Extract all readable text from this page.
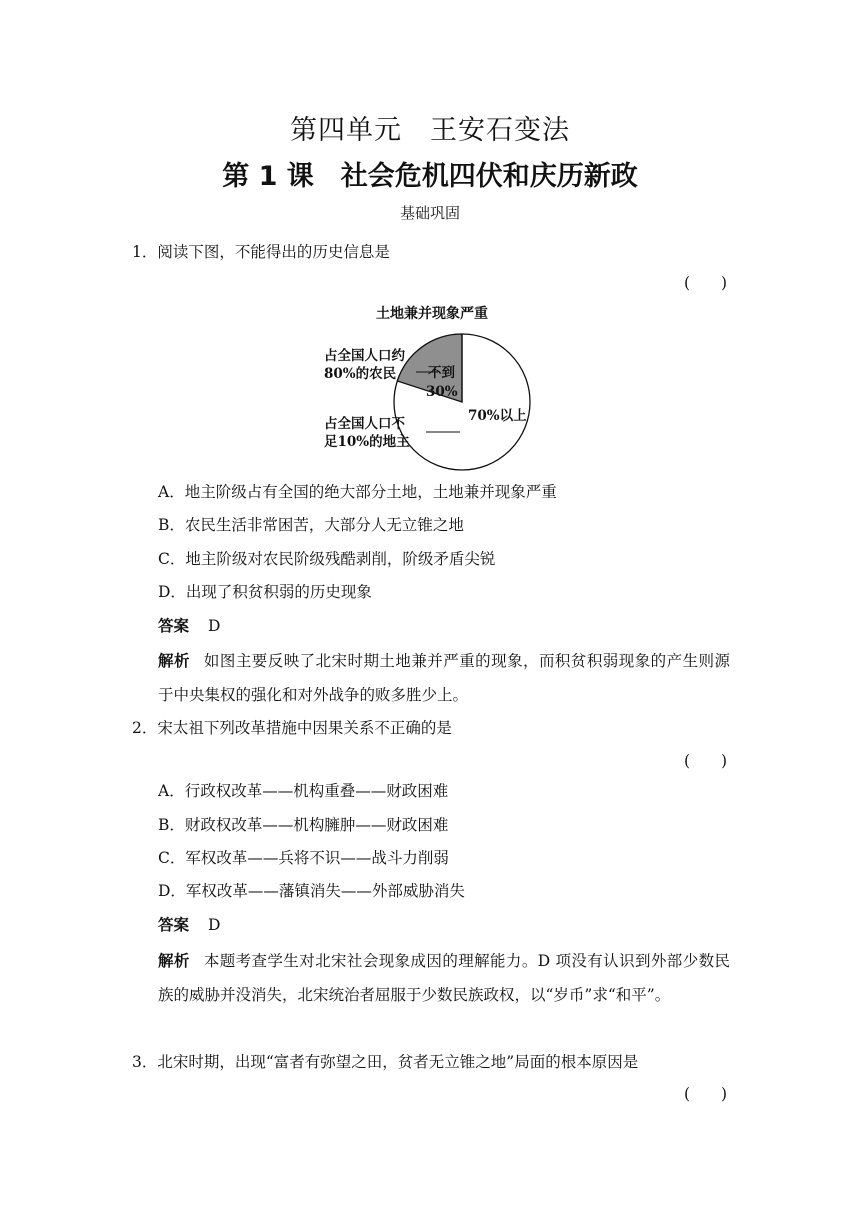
第四单元　王安石变法
第 1 课　社会危机四伏和庆历新政
基础巩固
1．阅读下图，不能得出的历史信息是
(　　)
土地兼并现象严重
占全国人口约
80%的农民 不到
30%
70%以上
占全国人口不
足10%的地主
A．地主阶级占有全国的绝大部分土地，土地兼并现象严重
B．农民生活非常困苦，大部分人无立锥之地
C．地主阶级对农民阶级残酷剥削，阶级矛盾尖锐
D．出现了积贫积弱的历史现象
答案 D
解析 如图主要反映了北宋时期土地兼并严重的现象，而积贫积弱现象的产生则源于中央集权的强化和对外战争的败多胜少上。
2．宋太祖下列改革措施中因果关系不正确的是
(　　)
A．行政权改革——机构重叠——财政困难
B．财政权改革——机构臃肿——财政困难
C．军权改革——兵将不识——战斗力削弱
D．军权改革——藩镇消失——外部威胁消失
答案 D
解析 本题考查学生对北宋社会现象成因的理解能力。D 项没有认识到外部少数民族的威胁并没消失，北宋统治者屈服于少数民族政权，以“岁币”求“和平”。
3．北宋时期，出现“富者有弥望之田，贫者无立锥之地”局面的根本原因是
(　　)
